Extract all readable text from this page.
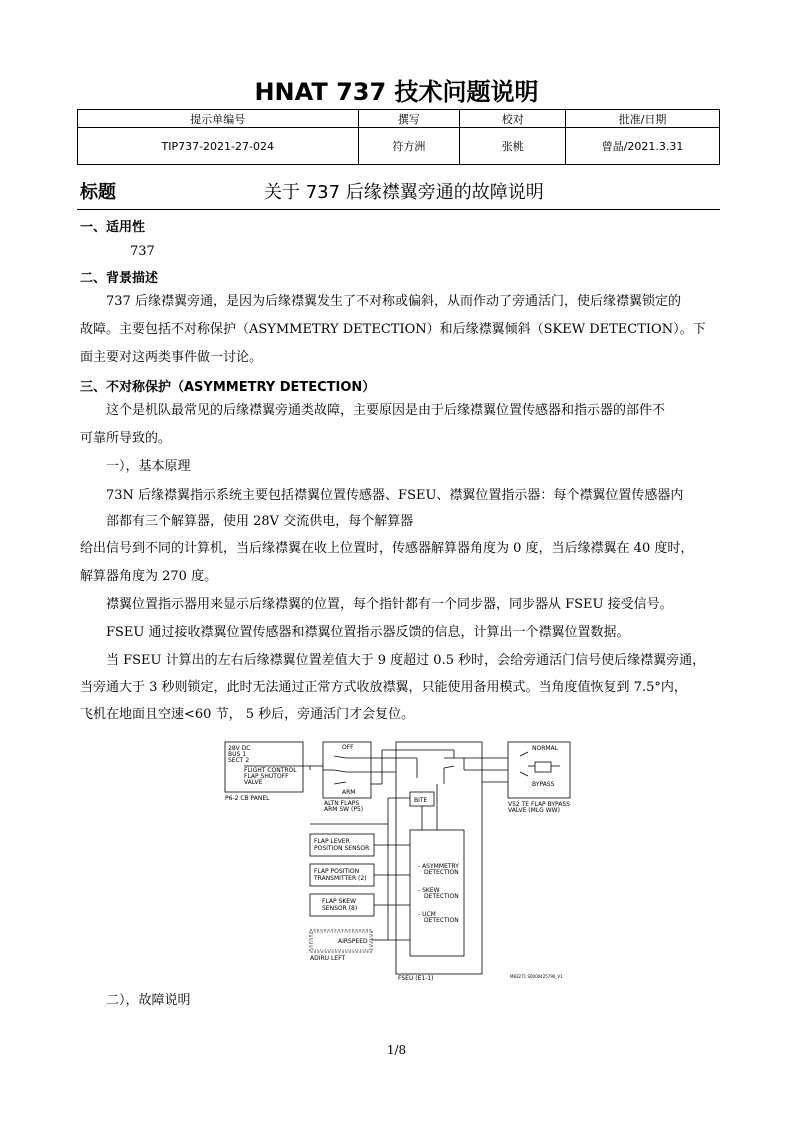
HNAT 737 技术问题说明
提示单编号	撰写	校对	批准/日期
TIP737-2021-27-024	符方洲	张桃	曾晶/2021.3.31
标题	关于 737 后缘襟翼旁通的故障说明
一、适用性
737
二、背景描述
737 后缘襟翼旁通，是因为后缘襟翼发生了不对称或偏斜，从而作动了旁通活门，使后缘襟翼锁定的
故障。主要包括不对称保护（ASYMMETRY DETECTION）和后缘襟翼倾斜（SKEW DETECTION）。下
面主要对这两类事件做一讨论。
三、不对称保护（ASYMMETRY DETECTION）
这个是机队最常见的后缘襟翼旁通类故障，主要原因是由于后缘襟翼位置传感器和指示器的部件不
可靠所导致的。
一），基本原理
73N 后缘襟翼指示系统主要包括襟翼位置传感器、FSEU、襟翼位置指示器：每个襟翼位置传感器内
部都有三个解算器，使用 28V 交流供电，每个解算器
给出信号到不同的计算机，当后缘襟翼在收上位置时，传感器解算器角度为 0 度，当后缘襟翼在 40 度时，
解算器角度为 270 度。
襟翼位置指示器用来显示后缘襟翼的位置，每个指针都有一个同步器，同步器从 FSEU 接受信号。
FSEU 通过接收襟翼位置传感器和襟翼位置指示器反馈的信息，计算出一个襟翼位置数据。
当 FSEU 计算出的左右后缘襟翼位置差值大于 9 度超过 0.5 秒时，会给旁通活门信号使后缘襟翼旁通，
当旁通大于 3 秒则锁定，此时无法通过正常方式收放襟翼，只能使用备用模式。当角度值恢复到 7.5°内，
飞机在地面且空速<60 节， 5 秒后，旁通活门才会复位。
28V DC
BUS 1
SECT 2
FLIGHT CONTROL
FLAP SHUTOFF
VALVE
P6-2 CB PANEL
OFF
ARM
ALTN FLAPS
ARM SW (P5)
BITE
NORMAL
BYPASS
V52 TE FLAP BYPASS
VALVE (MLG WW)
FLAP LEVER
POSITION SENSOR
FLAP POSITION
TRANSMITTER (2)
FLAP SKEW
SENSOR (8)
AIRSPEED
ADIRU LEFT
- ASYMMETRY
DETECTION
- SKEW
DETECTION
- UCM
DETECTION
FSEU (E1-1)	M83271 S0000425790_V1
二），故障说明
1/8
